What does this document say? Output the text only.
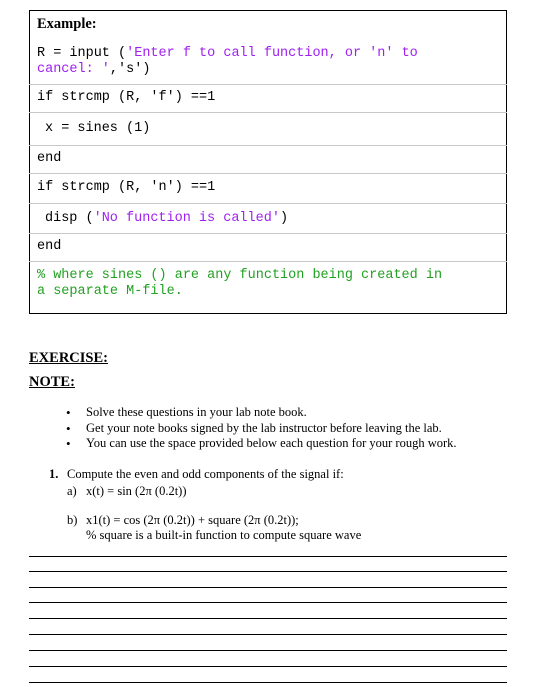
Example:
R = input ('Enter f to call function, or 'n' to
cancel: ','s')
if strcmp (R, 'f') ==1
x = sines (1)
end
if strcmp (R, 'n') ==1
disp ('No function is called')
end
% where sines () are any function being created in
a separate M-file.
EXERCISE:
NOTE:
• Solve these questions in your lab note book.
• Get your note books signed by the lab instructor before leaving the lab.
• You can use the space provided below each question for your rough work.
1. Compute the even and odd components of the signal if:
a) x(t) = sin (2π (0.2t))
b) x1(t) = cos (2π (0.2t)) + square (2π (0.2t));
% square is a built-in function to compute square wave
